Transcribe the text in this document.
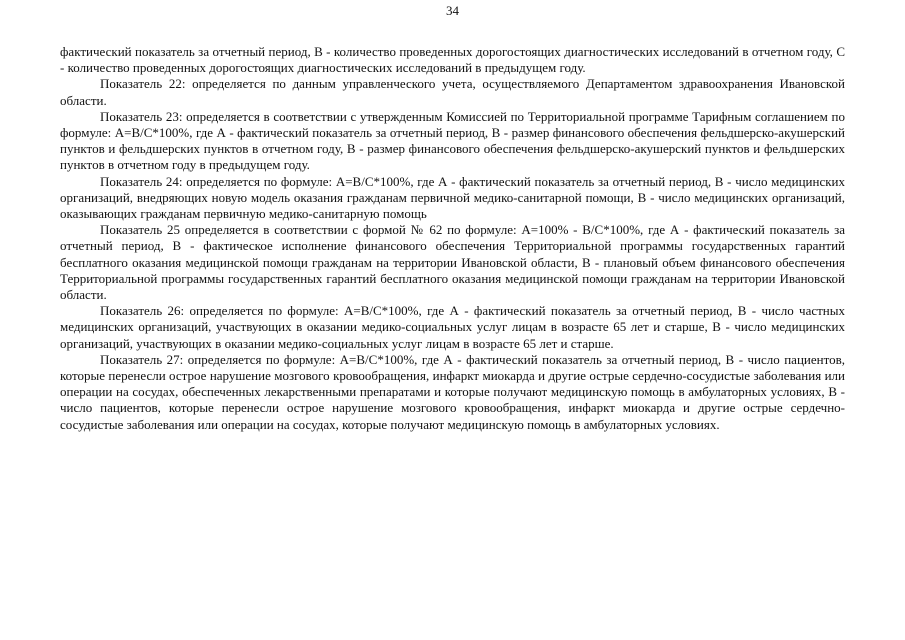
34

фактический показатель за отчетный период, В - количество проведенных дорогостоящих диагностических исследований в отчетном году, С - количество проведенных дорогостоящих диагностических исследований в предыдущем году.

Показатель 22: определяется по данным управленческого учета, осуществляемого Департаментом здравоохранения Ивановской области.

Показатель 23: определяется в соответствии с утвержденным Комиссией по Территориальной программе Тарифным соглашением по формуле: А=В/С*100%, где А - фактический показатель за отчетный период, В - размер финансового обеспечения фельдшерско-акушерский пунктов и фельдшерских пунктов в отчетном году, В - размер финансового обеспечения фельдшерско-акушерский пунктов и фельдшерских пунктов в отчетном году в предыдущем году.

Показатель 24: определяется по формуле: А=В/С*100%, где А - фактический показатель за отчетный период, В - число медицинских организаций, внедряющих новую модель оказания гражданам первичной медико-санитарной помощи, В - число медицинских организаций, оказывающих гражданам первичную медико-санитарную помощь

Показатель 25 определяется в соответствии с формой № 62 по формуле: А=100% - В/С*100%, где А - фактический показатель за отчетный период, В - фактическое исполнение финансового обеспечения Территориальной программы государственных гарантий бесплатного оказания медицинской помощи гражданам на территории Ивановской области, В - плановый объем финансового обеспечения Территориальной программы государственных гарантий бесплатного оказания медицинской помощи гражданам на территории Ивановской области.

Показатель 26: определяется по формуле: А=В/С*100%, где А - фактический показатель за отчетный период, В - число частных медицинских организаций, участвующих в оказании медико-социальных услуг лицам в возрасте 65 лет и старше, В - число медицинских организаций, участвующих в оказании медико-социальных услуг лицам в возрасте 65 лет и старше.

Показатель 27: определяется по формуле: А=В/С*100%, где А - фактический показатель за отчетный период, В - число пациентов, которые перенесли острое нарушение мозгового кровообращения, инфаркт миокарда и другие острые сердечно-сосудистые заболевания или операции на сосудах, обеспеченных лекарственными препаратами и которые получают медицинскую помощь в амбулаторных условиях, В - число пациентов, которые перенесли острое нарушение мозгового кровообращения, инфаркт миокарда и другие острые сердечно-сосудистые заболевания или операции на сосудах, которые получают медицинскую помощь в амбулаторных условиях.
